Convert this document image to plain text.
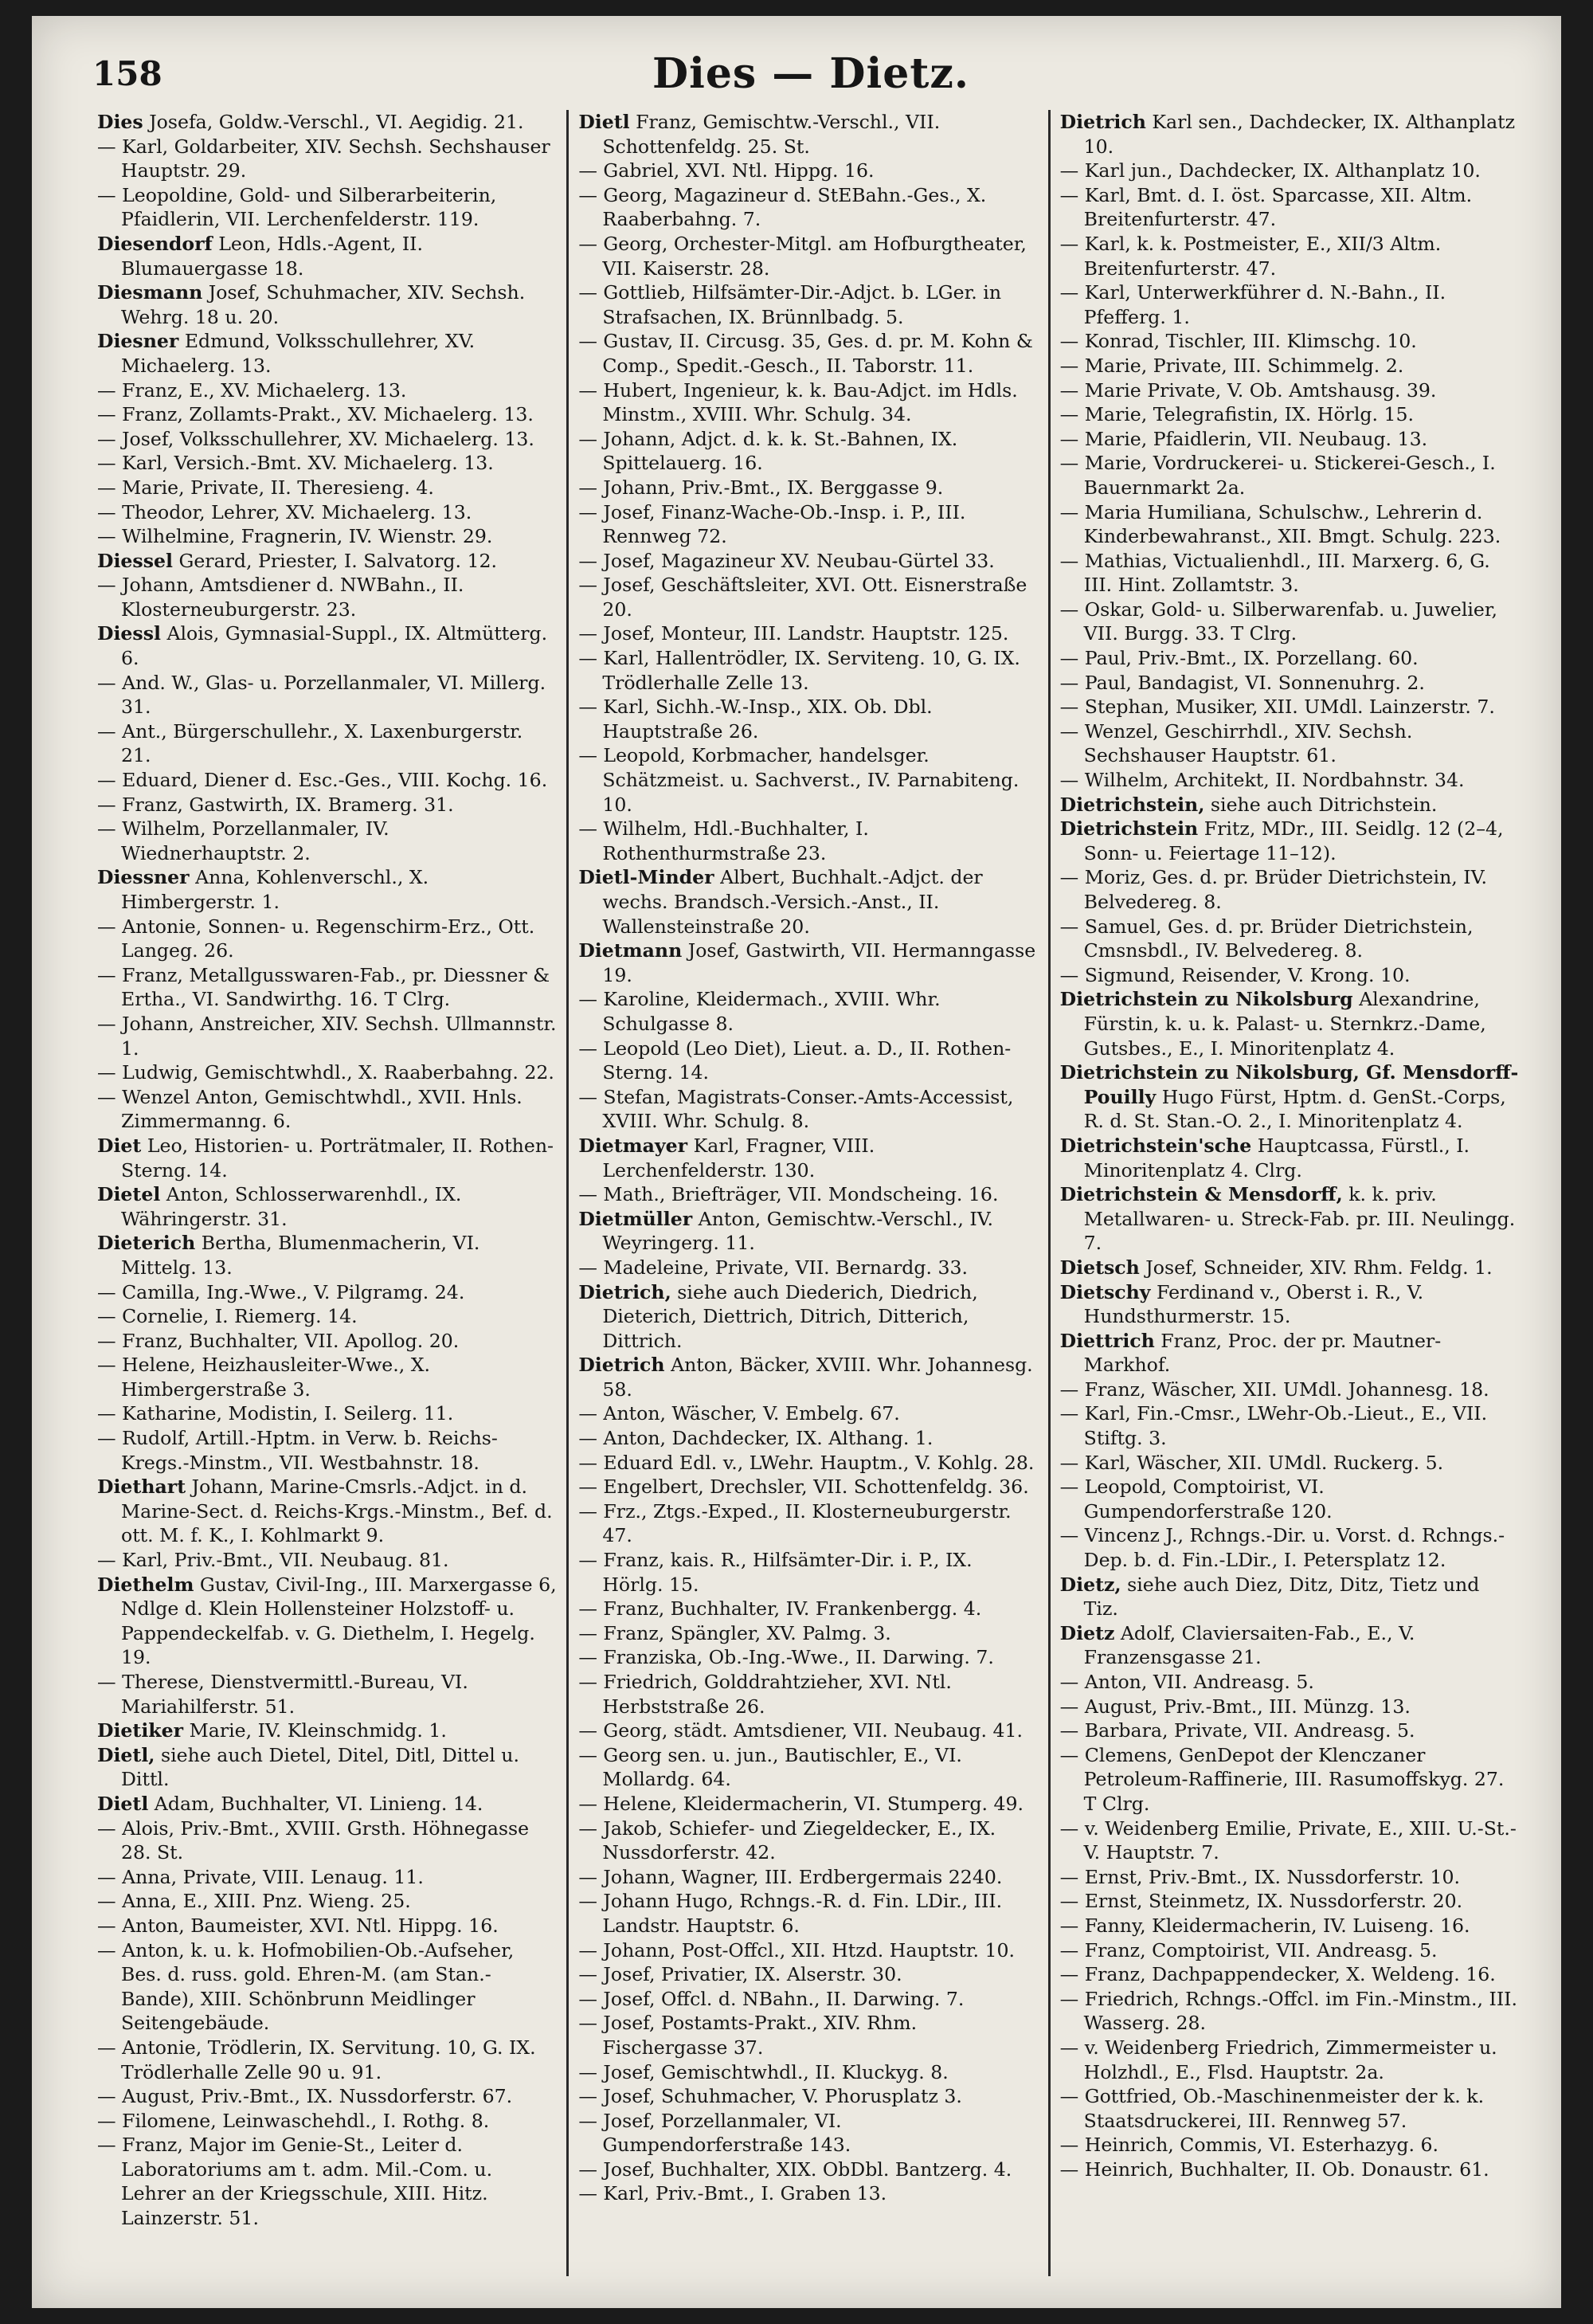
158	Dies — Dietz.

Dies Josefa, Goldw.-Verschl., VI. Aegidig. 21.

— Karl, Goldarbeiter, XIV. Sechsh. Sechshauser Hauptstr. 29.

— Leopoldine, Gold- und Silberarbeiterin, Pfaidlerin, VII. Lerchenfelderstr. 119.

Diesendorf Leon, Hdls.-Agent, II. Blumauergasse 18.

Diesmann Josef, Schuhmacher, XIV. Sechsh. Wehrg. 18 u. 20.

Diesner Edmund, Volksschullehrer, XV. Michaelerg. 13.

— Franz, E., XV. Michaelerg. 13.

— Franz, Zollamts-Prakt., XV. Michaelerg. 13.

— Josef, Volksschullehrer, XV. Michaelerg. 13.

— Karl, Versich.-Bmt. XV. Michaelerg. 13.

— Marie, Private, II. Theresieng. 4.

— Theodor, Lehrer, XV. Michaelerg. 13.

— Wilhelmine, Fragnerin, IV. Wienstr. 29.

Diessel Gerard, Priester, I. Salvatorg. 12.

— Johann, Amtsdiener d. NWBahn., II. Klosterneuburgerstr. 23.

Diessl Alois, Gymnasial-Suppl., IX. Altmütterg. 6.

— And. W., Glas- u. Porzellanmaler, VI. Millerg. 31.

— Ant., Bürgerschullehr., X. Laxenburgerstr. 21.

— Eduard, Diener d. Esc.-Ges., VIII. Kochg. 16.

— Franz, Gastwirth, IX. Bramerg. 31.

— Wilhelm, Porzellanmaler, IV. Wiednerhauptstr. 2.

Diessner Anna, Kohlenverschl., X. Himbergerstr. 1.

— Antonie, Sonnen- u. Regenschirm-Erz., Ott. Langeg. 26.

— Franz, Metallgusswaren-Fab., pr. Diessner & Ertha., VI. Sandwirthg. 16. T Clrg.

— Johann, Anstreicher, XIV. Sechsh. Ullmannstr. 1.

— Ludwig, Gemischtwhdl., X. Raaberbahng. 22.

— Wenzel Anton, Gemischtwhdl., XVII. Hnls. Zimmermanng. 6.

Diet Leo, Historien- u. Porträtmaler, II. Rothen-Sterng. 14.

Dietel Anton, Schlosserwarenhdl., IX. Währingerstr. 31.

Dieterich Bertha, Blumenmacherin, VI. Mittelg. 13.

— Camilla, Ing.-Wwe., V. Pilgramg. 24.

— Cornelie, I. Riemerg. 14.

— Franz, Buchhalter, VII. Apollog. 20.

— Helene, Heizhausleiter-Wwe., X. Himbergerstraße 3.

— Katharine, Modistin, I. Seilerg. 11.

— Rudolf, Artill.-Hptm. in Verw. b. Reichs-Kregs.-Minstm., VII. Westbahnstr. 18.

Diethart Johann, Marine-Cmsrls.-Adjct. in d. Marine-Sect. d. Reichs-Krgs.-Minstm., Bef. d. ott. M. f. K., I. Kohlmarkt 9.

— Karl, Priv.-Bmt., VII. Neubaug. 81.

Diethelm Gustav, Civil-Ing., III. Marxergasse 6, Ndlge d. Klein Hollensteiner Holzstoff- u. Pappendeckelfab. v. G. Diethelm, I. Hegelg. 19.

— Therese, Dienstvermittl.-Bureau, VI. Mariahilferstr. 51.

Dietiker Marie, IV. Kleinschmidg. 1.

Dietl, siehe auch Dietel, Ditel, Ditl, Dittel u. Dittl.

Dietl Adam, Buchhalter, VI. Linieng. 14.

— Alois, Priv.-Bmt., XVIII. Grsth. Höhnegasse 28. St.

— Anna, Private, VIII. Lenaug. 11.

— Anna, E., XIII. Pnz. Wieng. 25.

— Anton, Baumeister, XVI. Ntl. Hippg. 16.

— Anton, k. u. k. Hofmobilien-Ob.-Aufseher, Bes. d. russ. gold. Ehren-M. (am Stan.-Bande), XIII. Schönbrunn Meidlinger Seitengebäude.

— Antonie, Trödlerin, IX. Servitung. 10, G. IX. Trödlerhalle Zelle 90 u. 91.

— August, Priv.-Bmt., IX. Nussdorferstr. 67.

— Filomene, Leinwaschehdl., I. Rothg. 8.

— Franz, Major im Genie-St., Leiter d. Laboratoriums am t. adm. Mil.-Com. u. Lehrer an der Kriegsschule, XIII. Hitz. Lainzerstr. 51.

Dietl Franz, Gemischtw.-Verschl., VII. Schottenfeldg. 25. St.

— Gabriel, XVI. Ntl. Hippg. 16.

— Georg, Magazineur d. StEBahn.-Ges., X. Raaberbahng. 7.

— Georg, Orchester-Mitgl. am Hofburgtheater, VII. Kaiserstr. 28.

— Gottlieb, Hilfsämter-Dir.-Adjct. b. LGer. in Strafsachen, IX. Brünnlbadg. 5.

— Gustav, II. Circusg. 35, Ges. d. pr. M. Kohn & Comp., Spedit.-Gesch., II. Taborstr. 11.

— Hubert, Ingenieur, k. k. Bau-Adjct. im Hdls. Minstm., XVIII. Whr. Schulg. 34.

— Johann, Adjct. d. k. k. St.-Bahnen, IX. Spittelauerg. 16.

— Johann, Priv.-Bmt., IX. Berggasse 9.

— Josef, Finanz-Wache-Ob.-Insp. i. P., III. Rennweg 72.

— Josef, Magazineur XV. Neubau-Gürtel 33.

— Josef, Geschäftsleiter, XVI. Ott. Eisnerstraße 20.

— Josef, Monteur, III. Landstr. Hauptstr. 125.

— Karl, Hallentrödler, IX. Serviteng. 10, G. IX. Trödlerhalle Zelle 13.

— Karl, Sichh.-W.-Insp., XIX. Ob. Dbl. Hauptstraße 26.

— Leopold, Korbmacher, handelsger. Schätzmeist. u. Sachverst., IV. Parnabiteng. 10.

— Wilhelm, Hdl.-Buchhalter, I. Rothenthurmstraße 23.

Dietl-Minder Albert, Buchhalt.-Adjct. der wechs. Brandsch.-Versich.-Anst., II. Wallensteinstraße 20.

Dietmann Josef, Gastwirth, VII. Hermanngasse 19.

— Karoline, Kleidermach., XVIII. Whr. Schulgasse 8.

— Leopold (Leo Diet), Lieut. a. D., II. Rothen-Sterng. 14.

— Stefan, Magistrats-Conser.-Amts-Accessist, XVIII. Whr. Schulg. 8.

Dietmayer Karl, Fragner, VIII. Lerchenfelderstr. 130.

— Math., Briefträger, VII. Mondscheing. 16.

Dietmüller Anton, Gemischtw.-Verschl., IV. Weyringerg. 11.

— Madeleine, Private, VII. Bernardg. 33.

Dietrich, siehe auch Diederich, Diedrich, Dieterich, Diettrich, Ditrich, Ditterich, Dittrich.

Dietrich Anton, Bäcker, XVIII. Whr. Johannesg. 58.

— Anton, Wäscher, V. Embelg. 67.

— Anton, Dachdecker, IX. Althang. 1.

— Eduard Edl. v., LWehr. Hauptm., V. Kohlg. 28.

— Engelbert, Drechsler, VII. Schottenfeldg. 36.

— Frz., Ztgs.-Exped., II. Klosterneuburgerstr. 47.

— Franz, kais. R., Hilfsämter-Dir. i. P., IX. Hörlg. 15.

— Franz, Buchhalter, IV. Frankenbergg. 4.

— Franz, Spängler, XV. Palmg. 3.

— Franziska, Ob.-Ing.-Wwe., II. Darwing. 7.

— Friedrich, Golddrahtzieher, XVI. Ntl. Herbststraße 26.

— Georg, städt. Amtsdiener, VII. Neubaug. 41.

— Georg sen. u. jun., Bautischler, E., VI. Mollardg. 64.

— Helene, Kleidermacherin, VI. Stumperg. 49.

— Jakob, Schiefer- und Ziegeldecker, E., IX. Nussdorferstr. 42.

— Johann, Wagner, III. Erdbergermais 2240.

— Johann Hugo, Rchngs.-R. d. Fin. LDir., III. Landstr. Hauptstr. 6.

— Johann, Post-Offcl., XII. Htzd. Hauptstr. 10.

— Josef, Privatier, IX. Alserstr. 30.

— Josef, Offcl. d. NBahn., II. Darwing. 7.

— Josef, Postamts-Prakt., XIV. Rhm. Fischergasse 37.

— Josef, Gemischtwhdl., II. Kluckyg. 8.

— Josef, Schuhmacher, V. Phorusplatz 3.

— Josef, Porzellanmaler, VI. Gumpendorferstraße 143.

— Josef, Buchhalter, XIX. ObDbl. Bantzerg. 4.

— Karl, Priv.-Bmt., I. Graben 13.

Dietrich Karl sen., Dachdecker, IX. Althanplatz 10.

— Karl jun., Dachdecker, IX. Althanplatz 10.

— Karl, Bmt. d. I. öst. Sparcasse, XII. Altm. Breitenfurterstr. 47.

— Karl, k. k. Postmeister, E., XII/3 Altm. Breitenfurterstr. 47.

— Karl, Unterwerkführer d. N.-Bahn., II. Pfefferg. 1.

— Konrad, Tischler, III. Klimschg. 10.

— Marie, Private, III. Schimmelg. 2.

— Marie Private, V. Ob. Amtshausg. 39.

— Marie, Telegrafistin, IX. Hörlg. 15.

— Marie, Pfaidlerin, VII. Neubaug. 13.

— Marie, Vordruckerei- u. Stickerei-Gesch., I. Bauernmarkt 2a.

— Maria Humiliana, Schulschw., Lehrerin d. Kinderbewahranst., XII. Bmgt. Schulg. 223.

— Mathias, Victualienhdl., III. Marxerg. 6, G. III. Hint. Zollamtstr. 3.

— Oskar, Gold- u. Silberwarenfab. u. Juwelier, VII. Burgg. 33. T Clrg.

— Paul, Priv.-Bmt., IX. Porzellang. 60.

— Paul, Bandagist, VI. Sonnenuhrg. 2.

— Stephan, Musiker, XII. UMdl. Lainzerstr. 7.

— Wenzel, Geschirrhdl., XIV. Sechsh. Sechshauser Hauptstr. 61.

— Wilhelm, Architekt, II. Nordbahnstr. 34.

Dietrichstein, siehe auch Ditrichstein.

Dietrichstein Fritz, MDr., III. Seidlg. 12 (2–4, Sonn- u. Feiertage 11–12).

— Moriz, Ges. d. pr. Brüder Dietrichstein, IV. Belvedereg. 8.

— Samuel, Ges. d. pr. Brüder Dietrichstein, Cmsnsbdl., IV. Belvedereg. 8.

— Sigmund, Reisender, V. Krong. 10.

Dietrichstein zu Nikolsburg Alexandrine, Fürstin, k. u. k. Palast- u. Sternkrz.-Dame, Gutsbes., E., I. Minoritenplatz 4.

Dietrichstein zu Nikolsburg, Gf. Mensdorff-Pouilly Hugo Fürst, Hptm. d. GenSt.-Corps, R. d. St. Stan.-O. 2., I. Minoritenplatz 4.

Dietrichstein'sche Hauptcassa, Fürstl., I. Minoritenplatz 4. Clrg.

Dietrichstein & Mensdorff, k. k. priv. Metallwaren- u. Streck-Fab. pr. III. Neulingg. 7.

Dietsch Josef, Schneider, XIV. Rhm. Feldg. 1.

Dietschy Ferdinand v., Oberst i. R., V. Hundsthurmerstr. 15.

Diettrich Franz, Proc. der pr. Mautner-Markhof.

— Franz, Wäscher, XII. UMdl. Johannesg. 18.

— Karl, Fin.-Cmsr., LWehr-Ob.-Lieut., E., VII. Stiftg. 3.

— Karl, Wäscher, XII. UMdl. Ruckerg. 5.

— Leopold, Comptoirist, VI. Gumpendorferstraße 120.

— Vincenz J., Rchngs.-Dir. u. Vorst. d. Rchngs.-Dep. b. d. Fin.-LDir., I. Petersplatz 12.

Dietz, siehe auch Diez, Ditz, Ditz, Tietz und Tiz.

Dietz Adolf, Claviersaiten-Fab., E., V. Franzensgasse 21.

— Anton, VII. Andreasg. 5.

— August, Priv.-Bmt., III. Münzg. 13.

— Barbara, Private, VII. Andreasg. 5.

— Clemens, GenDepot der Klenczaner Petroleum-Raffinerie, III. Rasumoffskyg. 27. T Clrg.

— v. Weidenberg Emilie, Private, E., XIII. U.-St.-V. Hauptstr. 7.

— Ernst, Priv.-Bmt., IX. Nussdorferstr. 10.

— Ernst, Steinmetz, IX. Nussdorferstr. 20.

— Fanny, Kleidermacherin, IV. Luiseng. 16.

— Franz, Comptoirist, VII. Andreasg. 5.

— Franz, Dachpappendecker, X. Weldeng. 16.

— Friedrich, Rchngs.-Offcl. im Fin.-Minstm., III. Wasserg. 28.

— v. Weidenberg Friedrich, Zimmermeister u. Holzhdl., E., Flsd. Hauptstr. 2a.

— Gottfried, Ob.-Maschinenmeister der k. k. Staatsdruckerei, III. Rennweg 57.

— Heinrich, Commis, VI. Esterhazyg. 6.

— Heinrich, Buchhalter, II. Ob. Donaustr. 61.
